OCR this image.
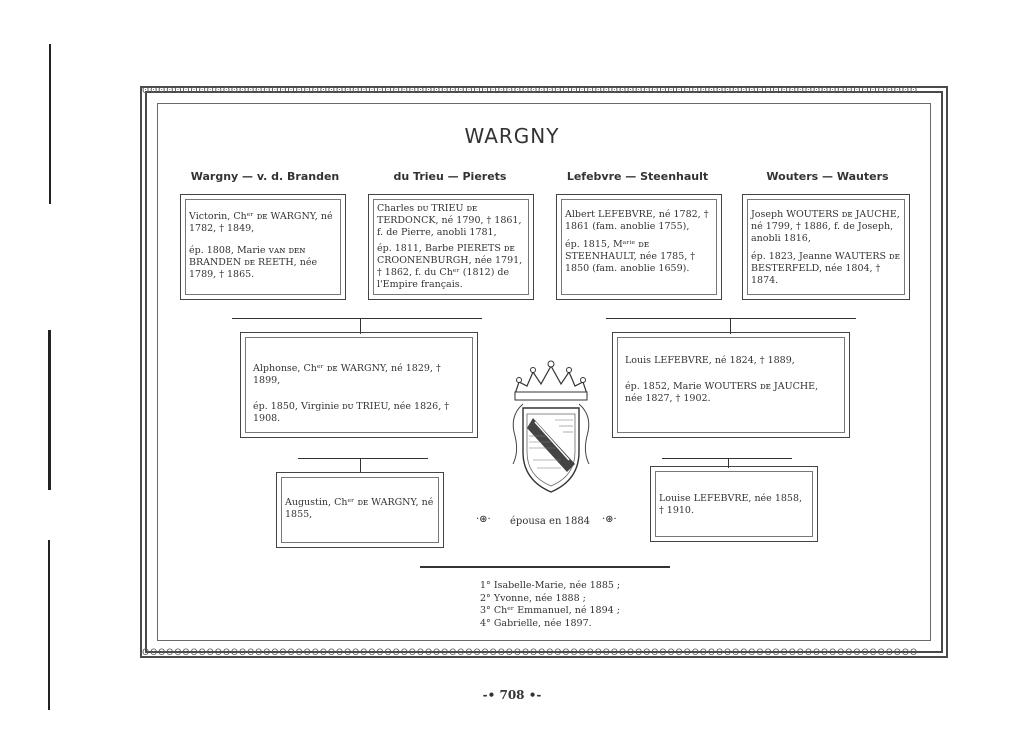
ʘʘʘʘʘʘʘʘʘʘʘʘʘʘʘʘʘʘʘʘʘʘʘʘʘʘʘʘʘʘʘʘʘʘʘʘʘʘʘʘʘʘʘʘʘʘʘʘʘʘʘʘʘʘʘʘʘʘʘʘʘʘʘʘʘʘʘʘʘʘʘʘʘʘʘʘʘʘʘʘʘʘʘʘʘʘʘʘʘʘʘʘʘʘʘʘ
ʘʘʘʘʘʘʘʘʘʘʘʘʘʘʘʘʘʘʘʘʘʘʘʘʘʘʘʘʘʘʘʘʘʘʘʘʘʘʘʘʘʘʘʘʘʘʘʘʘʘʘʘʘʘʘʘʘʘʘʘʘʘʘʘʘʘʘʘʘʘʘʘʘʘʘʘʘʘʘʘʘʘʘʘʘʘʘʘʘʘʘʘʘʘʘʘ
WARGNY
Wargny — v. d. Branden	du Trieu — Pierets	Lefebvre — Steenhault	Wouters — Wauters

Victorin, Chᵉʳ ᴅᴇ WARGNY, né 1782, † 1849,

ép. 1808, Marie ᴠᴀɴ ᴅᴇɴ BRANDEN ᴅᴇ REETH, née 1789, † 1865.

Charles ᴅᴜ TRIEU ᴅᴇ TERDONCK, né 1790, † 1861, f. de Pierre, anobli 1781,

ép. 1811, Barbe PIERETS ᴅᴇ CROONENBURGH, née 1791, † 1862, f. du Chᵉʳ (1812) de l'Empire français.

Albert LEFEBVRE, né 1782, † 1861 (fam. anoblie 1755),

ép. 1815, Mᵃʳⁱᵉ ᴅᴇ STEENHAULT, née 1785, † 1850 (fam. anoblie 1659).

Joseph WOUTERS ᴅᴇ JAUCHE, né 1799, † 1886, f. de Joseph, anobli 1816,

ép. 1823, Jeanne WAUTERS ᴅᴇ BESTERFELD, née 1804, † 1874.

Alphonse, Chᵉʳ ᴅᴇ WARGNY, né 1829, † 1899,

ép. 1850, Virginie ᴅᴜ TRIEU, née 1826, † 1908.

Louis LEFEBVRE, né 1824, † 1889,

ép. 1852, Marie WOUTERS ᴅᴇ JAUCHE, née 1827, † 1902.

Augustin, Chᵉʳ ᴅᴇ WARGNY, né 1855,

Louise LEFEBVRE, née 1858, † 1910.

·⊛· épousa en 1884 ·⊛·
1° Isabelle-Marie, née 1885 ;
2° Yvonne, née 1888 ;
3° Chᵉʳ Emmanuel, né 1894 ;
4° Gabrielle, née 1897.
-• 708 •-
